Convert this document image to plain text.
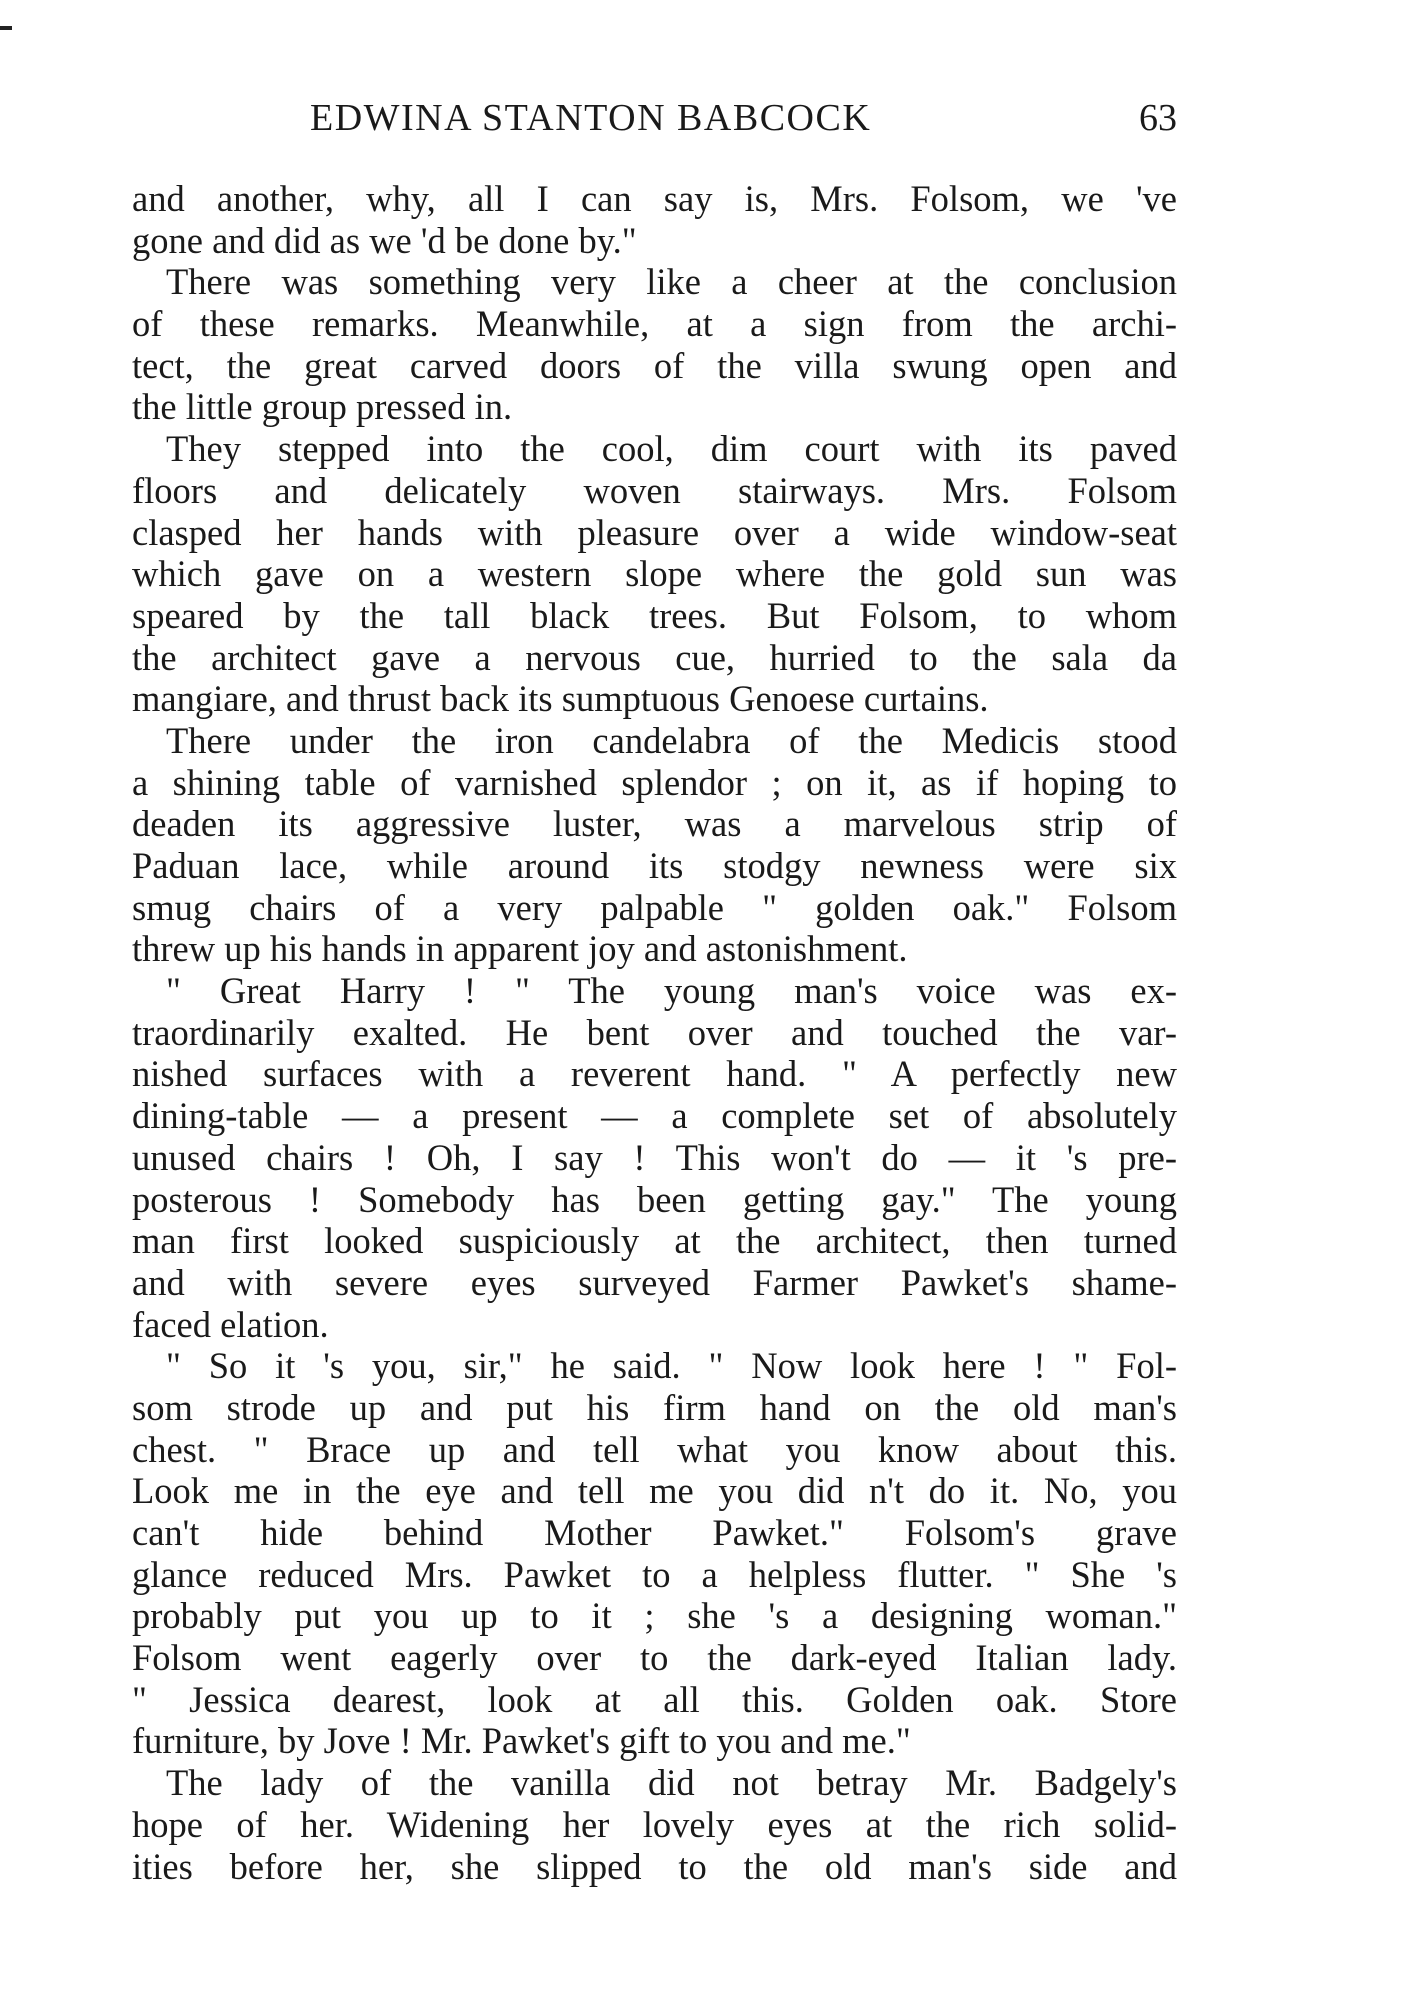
EDWINA STANTON BABCOCK	63
and another, why, all I can say is, Mrs. Folsom, we 've
gone and did as we 'd be done by."
There was something very like a cheer at the conclusion
of these remarks. Meanwhile, at a sign from the archi-
tect, the great carved doors of the villa swung open and
the little group pressed in.
They stepped into the cool, dim court with its paved
floors and delicately woven stairways. Mrs. Folsom
clasped her hands with pleasure over a wide window-seat
which gave on a western slope where the gold sun was
speared by the tall black trees. But Folsom, to whom
the architect gave a nervous cue, hurried to the sala da
mangiare, and thrust back its sumptuous Genoese curtains.
There under the iron candelabra of the Medicis stood
a shining table of varnished splendor ; on it, as if hoping to
deaden its aggressive luster, was a marvelous strip of
Paduan lace, while around its stodgy newness were six
smug chairs of a very palpable " golden oak." Folsom
threw up his hands in apparent joy and astonishment.
" Great Harry ! " The young man's voice was ex-
traordinarily exalted. He bent over and touched the var-
nished surfaces with a reverent hand. " A perfectly new
dining-table — a present — a complete set of absolutely
unused chairs ! Oh, I say ! This won't do — it 's pre-
posterous ! Somebody has been getting gay." The young
man first looked suspiciously at the architect, then turned
and with severe eyes surveyed Farmer Pawket's shame-
faced elation.
" So it 's you, sir," he said. " Now look here ! " Fol-
som strode up and put his firm hand on the old man's
chest. " Brace up and tell what you know about this.
Look me in the eye and tell me you did n't do it. No, you
can't hide behind Mother Pawket." Folsom's grave
glance reduced Mrs. Pawket to a helpless flutter. " She 's
probably put you up to it ; she 's a designing woman."
Folsom went eagerly over to the dark-eyed Italian lady.
" Jessica dearest, look at all this. Golden oak. Store
furniture, by Jove ! Mr. Pawket's gift to you and me."
The lady of the vanilla did not betray Mr. Badgely's
hope of her. Widening her lovely eyes at the rich solid-
ities before her, she slipped to the old man's side and
